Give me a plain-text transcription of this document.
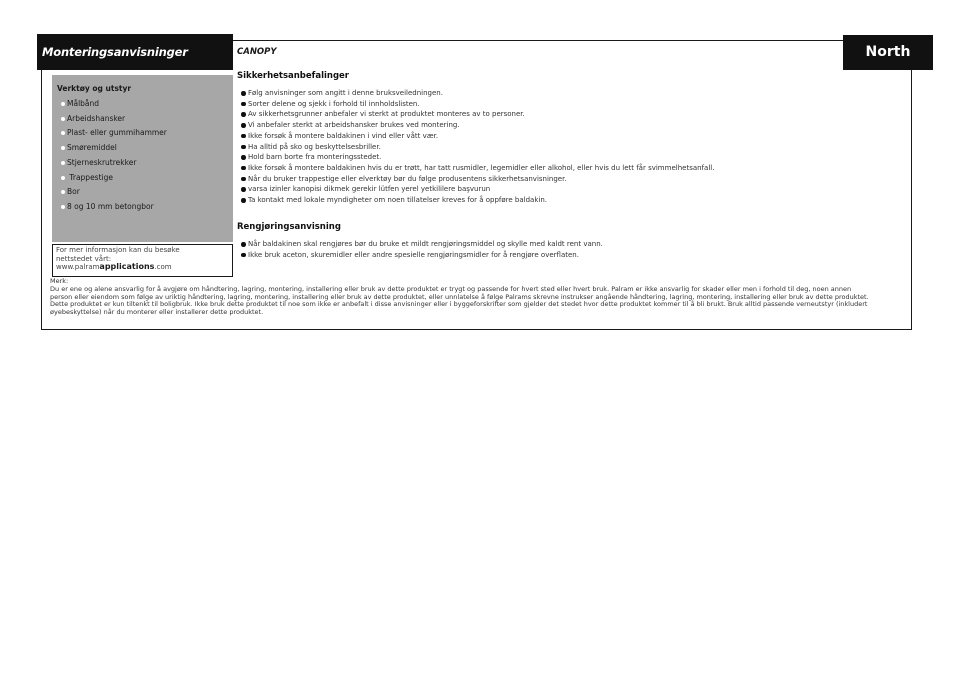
Monteringsanvisninger	North
CANOPY
Verktøy og utstyr
Målbånd
Arbeidshansker
Plast- eller gummihammer
Smøremiddel
Stjerneskrutrekker
Trappestige
Bor
8 og 10 mm betongbor
For mer informasjon kan du besøke
nettstedet vårt:
www.palramapplications.com
Sikkerhetsanbefalinger
Følg anvisninger som angitt i denne bruksveiledningen.
Sorter delene og sjekk i forhold til innholdslisten.
Av sikkerhetsgrunner anbefaler vi sterkt at produktet monteres av to personer.
Vi anbefaler sterkt at arbeidshansker brukes ved montering.
Ikke forsøk å montere baldakinen i vind eller vått vær.
Ha alltid på sko og beskyttelsesbriller.
Hold barn borte fra monteringsstedet.
Ikke forsøk å montere baldakinen hvis du er trøtt, har tatt rusmidler, legemidler eller alkohol, eller hvis du lett får svimmelhetsanfall.
Når du bruker trappestige eller elverktøy bør du følge produsentens sikkerhetsanvisninger.
varsa izinler kanopisi dikmek gerekir lütfen yerel yetkililere başvurun
Ta kontakt med lokale myndigheter om noen tillatelser kreves for å oppføre baldakin.
Rengjøringsanvisning
Når baldakinen skal rengjøres bør du bruke et mildt rengjøringsmiddel og skylle med kaldt rent vann.
Ikke bruk aceton, skuremidler eller andre spesielle rengjøringsmidler for å rengjøre overflaten.
Merk:
Du er ene og alene ansvarlig for å avgjøre om håndtering, lagring, montering, installering eller bruk av dette produktet er trygt og passende for hvert sted eller hvert bruk. Palram er ikke ansvarlig for skader eller men i forhold til deg, noen annen person eller eiendom som følge av uriktig håndtering, lagring, montering, installering eller bruk av dette produktet, eller unnlatelse å følge Palrams skrevne instrukser angående håndtering, lagring, montering, installering eller bruk av dette produktet. Dette produktet er kun tiltenkt til boligbruk. Ikke bruk dette produktet til noe som ikke er anbefalt i disse anvisninger eller i byggeforskrifter som gjelder det stedet hvor dette produktet kommer til å bli brukt. Bruk alltid passende verneutstyr (inkludert øyebeskyttelse) når du monterer eller installerer dette produktet.
